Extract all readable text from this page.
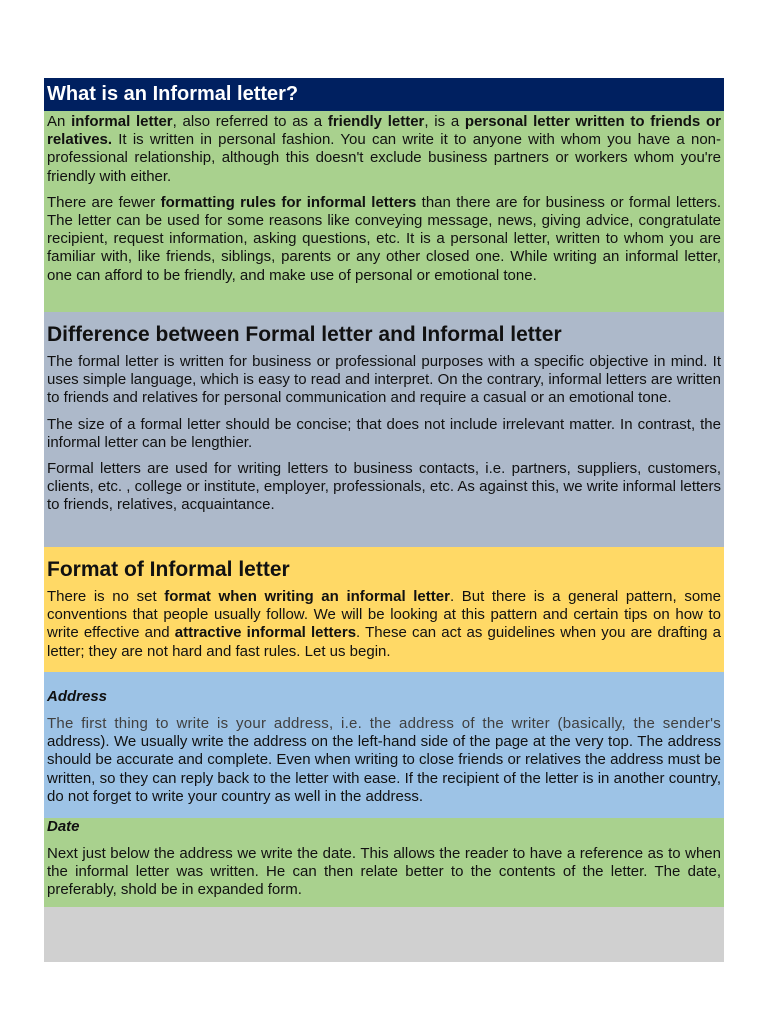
What is an Informal letter?

An informal letter, also referred to as a friendly letter, is a personal letter written to friends or relatives. It is written in personal fashion. You can write it to anyone with whom you have a non-professional relationship, although this doesn't exclude business partners or workers whom you're friendly with either.

There are fewer formatting rules for informal letters than there are for business or formal letters. The letter can be used for some reasons like conveying message, news, giving advice, congratulate recipient, request information, asking questions, etc. It is a personal letter, written to whom you are familiar with, like friends, siblings, parents or any other closed one. While writing an informal letter, one can afford to be friendly, and make use of personal or emotional tone.

Difference between Formal letter and Informal letter

The formal letter is written for business or professional purposes with a specific objective in mind. It uses simple language, which is easy to read and interpret. On the contrary, informal letters are written to friends and relatives for personal communication and require a casual or an emotional tone.

The size of a formal letter should be concise; that does not include irrelevant matter. In contrast, the informal letter can be lengthier.

Formal letters are used for writing letters to business contacts, i.e. partners, suppliers, customers, clients, etc. , college or institute, employer, professionals, etc. As against this, we write informal letters to friends, relatives, acquaintance.

Format of Informal letter

There is no set format when writing an informal letter. But there is a general pattern, some conventions that people usually follow. We will be looking at this pattern and certain tips on how to write effective and attractive informal letters. These can act as guidelines when you are drafting a letter; they are not hard and fast rules. Let us begin.

Address

The first thing to write is your address, i.e. the address of the writer (basically, the sender's address). We usually write the address on the left-hand side of the page at the very top. The address should be accurate and complete. Even when writing to close friends or relatives the address must be written, so they can reply back to the letter with ease. If the recipient of the letter is in another country, do not forget to write your country as well in the address.

Date

Next just below the address we write the date. This allows the reader to have a reference as to when the informal letter was written. He can then relate better to the contents of the letter. The date, preferably, shold be in expanded form.
